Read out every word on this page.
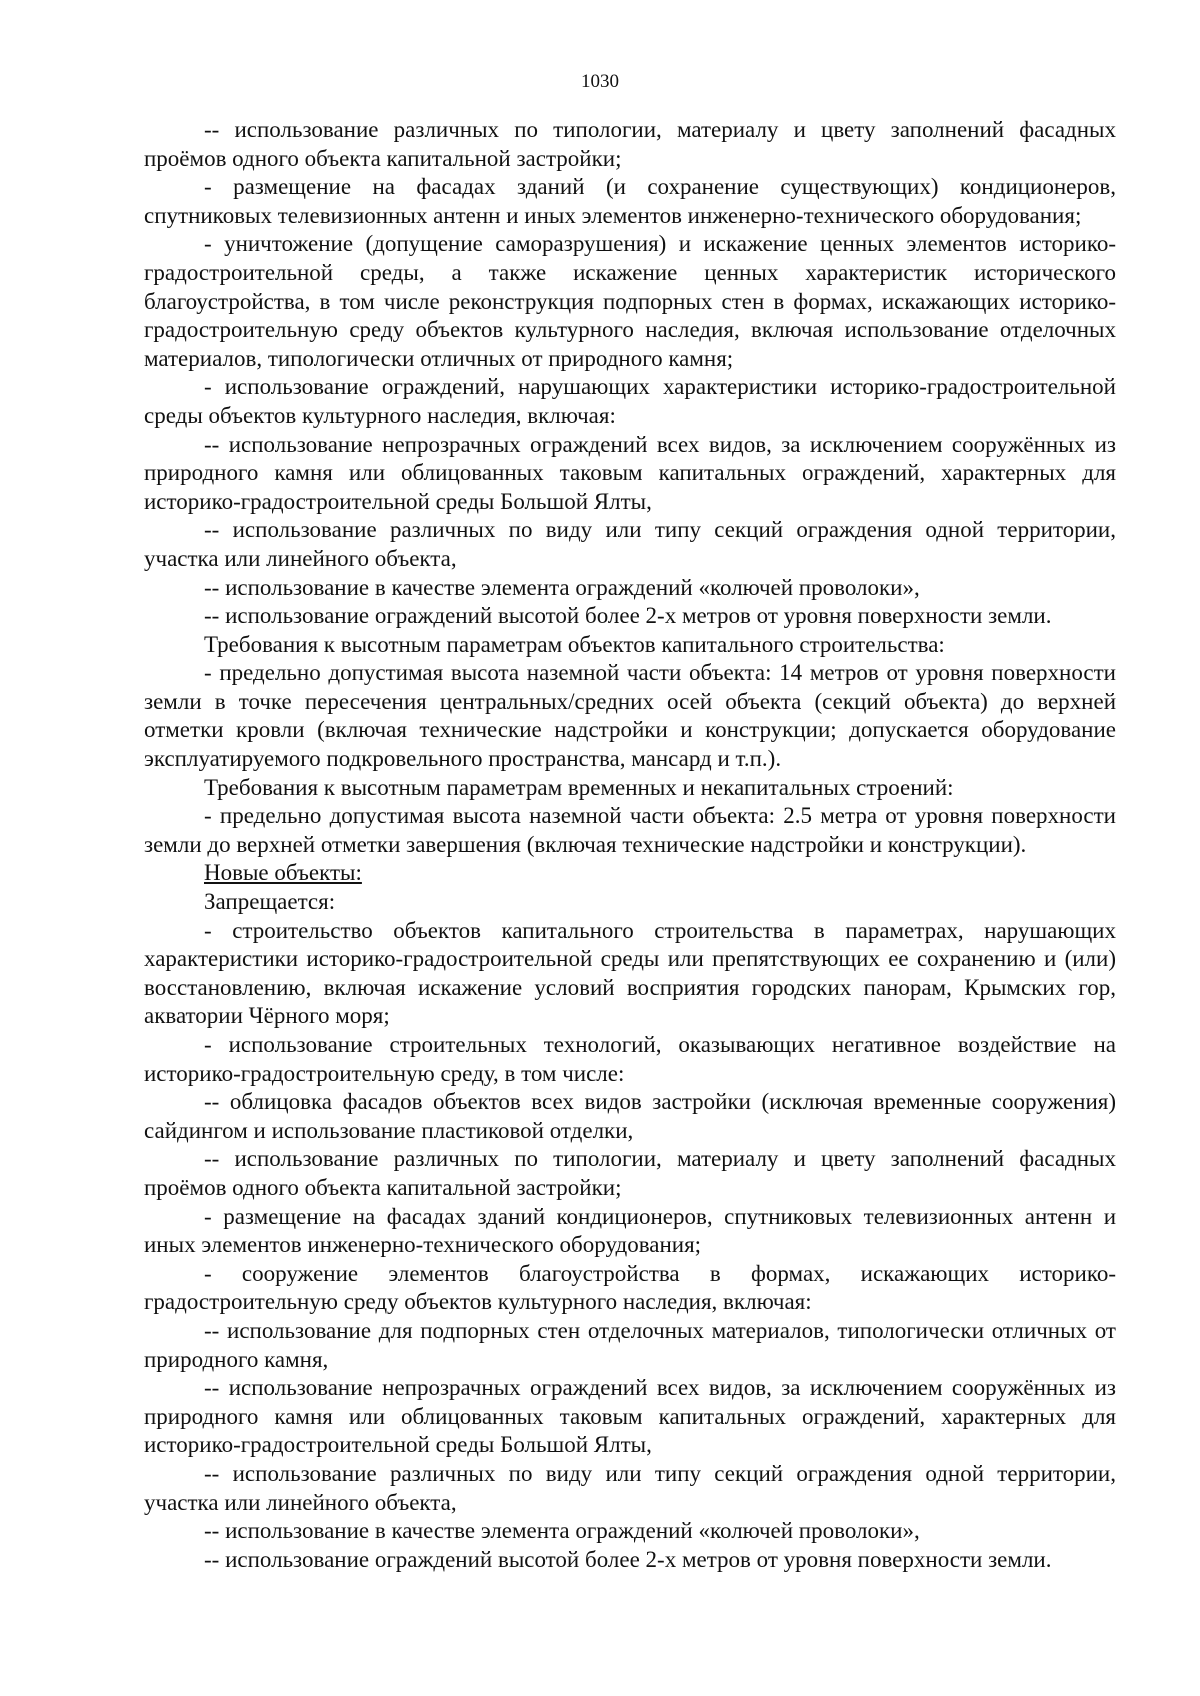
1030

-- использование различных по типологии, материалу и цвету заполнений фасадных проёмов одного объекта капитальной застройки;

- размещение на фасадах зданий (и сохранение существующих) кондиционеров, спутниковых телевизионных антенн и иных элементов инженерно-технического оборудования;

- уничтожение (допущение саморазрушения) и искажение ценных элементов историко-градостроительной среды, а также искажение ценных характеристик исторического благоустройства, в том числе реконструкция подпорных стен в формах, искажающих историко-градостроительную среду объектов культурного наследия, включая использование отделочных материалов, типологически отличных от природного камня;

- использование ограждений, нарушающих характеристики историко-градостроительной среды объектов культурного наследия, включая:

-- использование непрозрачных ограждений всех видов, за исключением сооружённых из природного камня или облицованных таковым капитальных ограждений, характерных для историко-градостроительной среды Большой Ялты,

-- использование различных по виду или типу секций ограждения одной территории, участка или линейного объекта,

-- использование в качестве элемента ограждений «колючей проволоки»,

-- использование ограждений высотой более 2-х метров от уровня поверхности земли.

Требования к высотным параметрам объектов капитального строительства:

- предельно допустимая высота наземной части объекта: 14 метров от уровня поверхности земли в точке пересечения центральных/средних осей объекта (секций объекта) до верхней отметки кровли (включая технические надстройки и конструкции; допускается оборудование эксплуатируемого подкровельного пространства, мансард и т.п.).

Требования к высотным параметрам временных и некапитальных строений:

- предельно допустимая высота наземной части объекта: 2.5 метра от уровня поверхности земли до верхней отметки завершения (включая технические надстройки и конструкции).

Новые объекты:

Запрещается:

- строительство объектов капитального строительства в параметрах, нарушающих характеристики историко-градостроительной среды или препятствующих ее сохранению и (или) восстановлению, включая искажение условий восприятия городских панорам, Крымских гор, акватории Чёрного моря;

- использование строительных технологий, оказывающих негативное воздействие на историко-градостроительную среду, в том числе:

-- облицовка фасадов объектов всех видов застройки (исключая временные сооружения) сайдингом и использование пластиковой отделки,

-- использование различных по типологии, материалу и цвету заполнений фасадных проёмов одного объекта капитальной застройки;

- размещение на фасадах зданий кондиционеров, спутниковых телевизионных антенн и иных элементов инженерно-технического оборудования;

- сооружение элементов благоустройства в формах, искажающих историко-градостроительную среду объектов культурного наследия, включая:

-- использование для подпорных стен отделочных материалов, типологически отличных от природного камня,

-- использование непрозрачных ограждений всех видов, за исключением сооружённых из природного камня или облицованных таковым капитальных ограждений, характерных для историко-градостроительной среды Большой Ялты,

-- использование различных по виду или типу секций ограждения одной территории, участка или линейного объекта,

-- использование в качестве элемента ограждений «колючей проволоки»,

-- использование ограждений высотой более 2-х метров от уровня поверхности земли.
